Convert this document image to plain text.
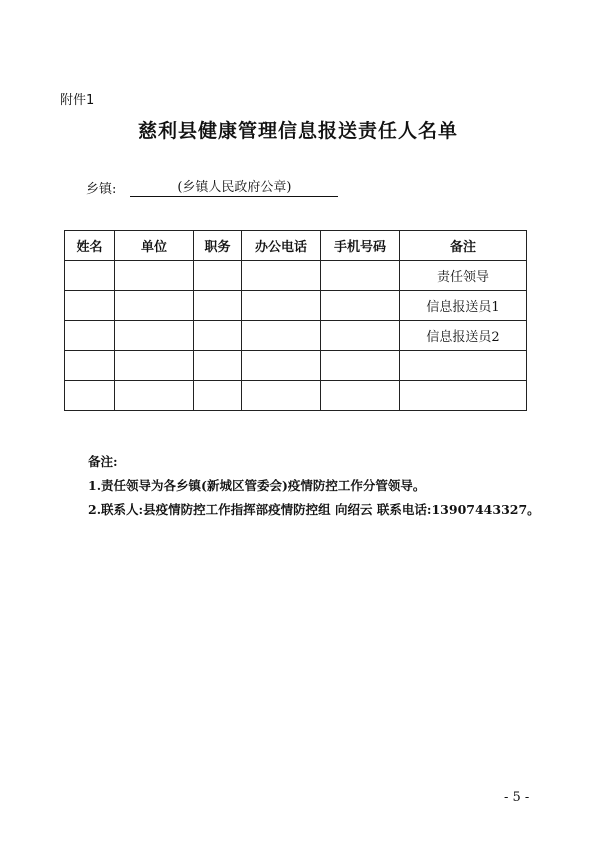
附件1
慈利县健康管理信息报送责任人名单
乡镇:	(乡镇人民政府公章)
姓名	单位	职务	办公电话	手机号码	备注
					责任领导
					信息报送员1
					信息报送员2

备注:
1.责任领导为各乡镇(新城区管委会)疫情防控工作分管领导。
2.联系人:县疫情防控工作指挥部疫情防控组 向绍云 联系电话:13907443327。
- 5 -
